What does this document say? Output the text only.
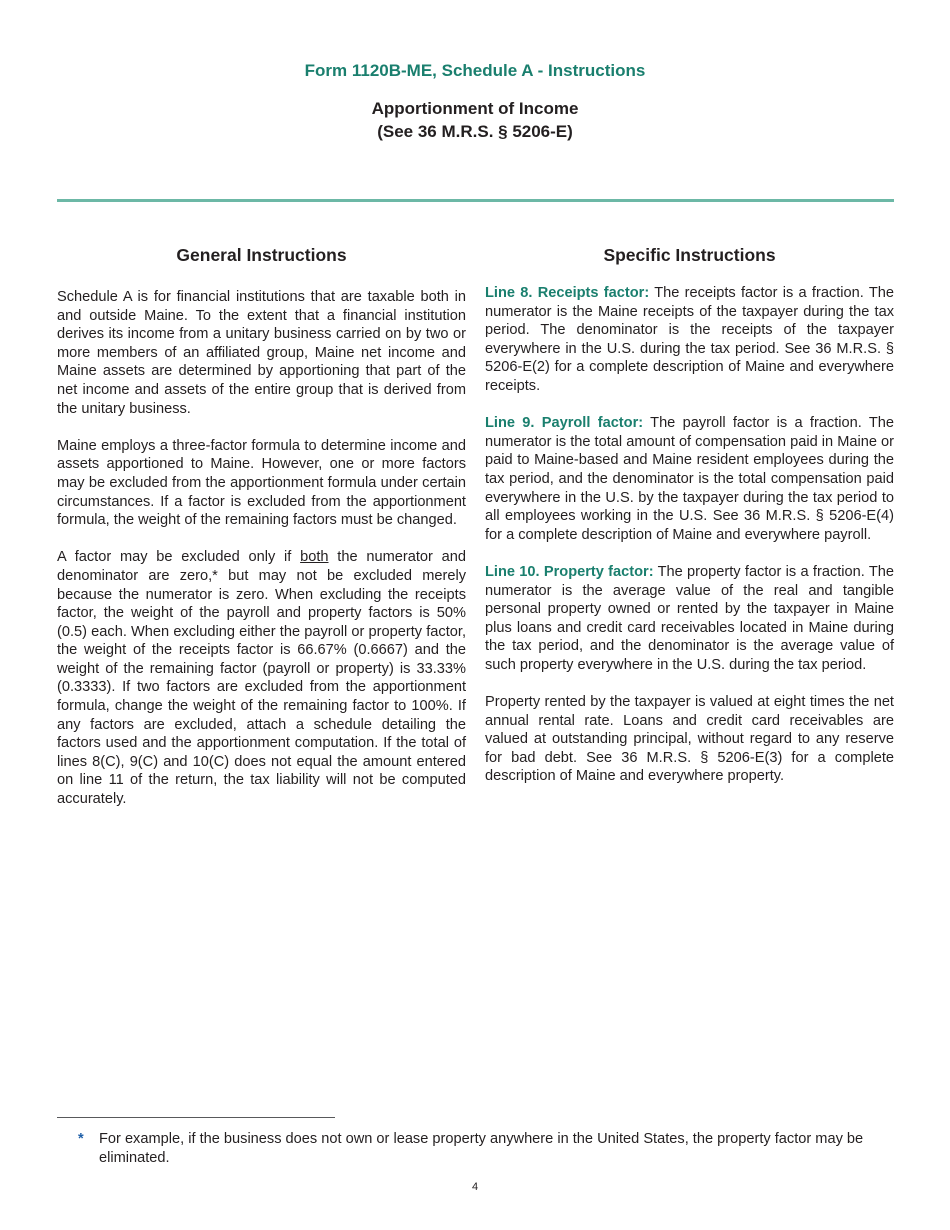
Form 1120B-ME, Schedule A - Instructions
Apportionment of Income
(See 36 M.R.S. § 5206-E)
General Instructions

Schedule A is for financial institutions that are taxable both in and outside Maine. To the extent that a financial institution derives its income from a unitary business carried on by two or more members of an affiliated group, Maine net income and Maine assets are determined by apportioning that part of the net income and assets of the entire group that is derived from the unitary business.

Maine employs a three-factor formula to determine income and assets apportioned to Maine. However, one or more factors may be excluded from the apportionment formula under certain circumstances. If a factor is excluded from the apportionment formula, the weight of the remaining factors must be changed.

A factor may be excluded only if both the numerator and denominator are zero,* but may not be excluded merely because the numerator is zero. When excluding the receipts factor, the weight of the payroll and property factors is 50% (0.5) each. When excluding either the payroll or property factor, the weight of the receipts factor is 66.67% (0.6667) and the weight of the remaining factor (payroll or property) is 33.33% (0.3333). If two factors are excluded from the apportionment formula, change the weight of the remaining factor to 100%. If any factors are excluded, attach a schedule detailing the factors used and the apportionment computation. If the total of lines 8(C), 9(C) and 10(C) does not equal the amount entered on line 11 of the return, the tax liability will not be computed accurately.

Specific Instructions

Line 8. Receipts factor: The receipts factor is a fraction. The numerator is the Maine receipts of the taxpayer during the tax period. The denominator is the receipts of the taxpayer everywhere in the U.S. during the tax period. See 36 M.R.S. § 5206-E(2) for a complete description of Maine and everywhere receipts.

Line 9. Payroll factor: The payroll factor is a fraction. The numerator is the total amount of compensation paid in Maine or paid to Maine-based and Maine resident employees during the tax period, and the denominator is the total compensation paid everywhere in the U.S. by the taxpayer during the tax period to all employees working in the U.S. See 36 M.R.S. § 5206-E(4) for a complete description of Maine and everywhere payroll.

Line 10. Property factor: The property factor is a fraction. The numerator is the average value of the real and tangible personal property owned or rented by the taxpayer in Maine plus loans and credit card receivables located in Maine during the tax period, and the denominator is the average value of such property everywhere in the U.S. during the tax period.

Property rented by the taxpayer is valued at eight times the net annual rental rate. Loans and credit card receivables are valued at outstanding principal, without regard to any reserve for bad debt. See 36 M.R.S. § 5206-E(3) for a complete description of Maine and everywhere property.

*	For example, if the business does not own or lease property anywhere in the United States, the property factor may be eliminated.
4
